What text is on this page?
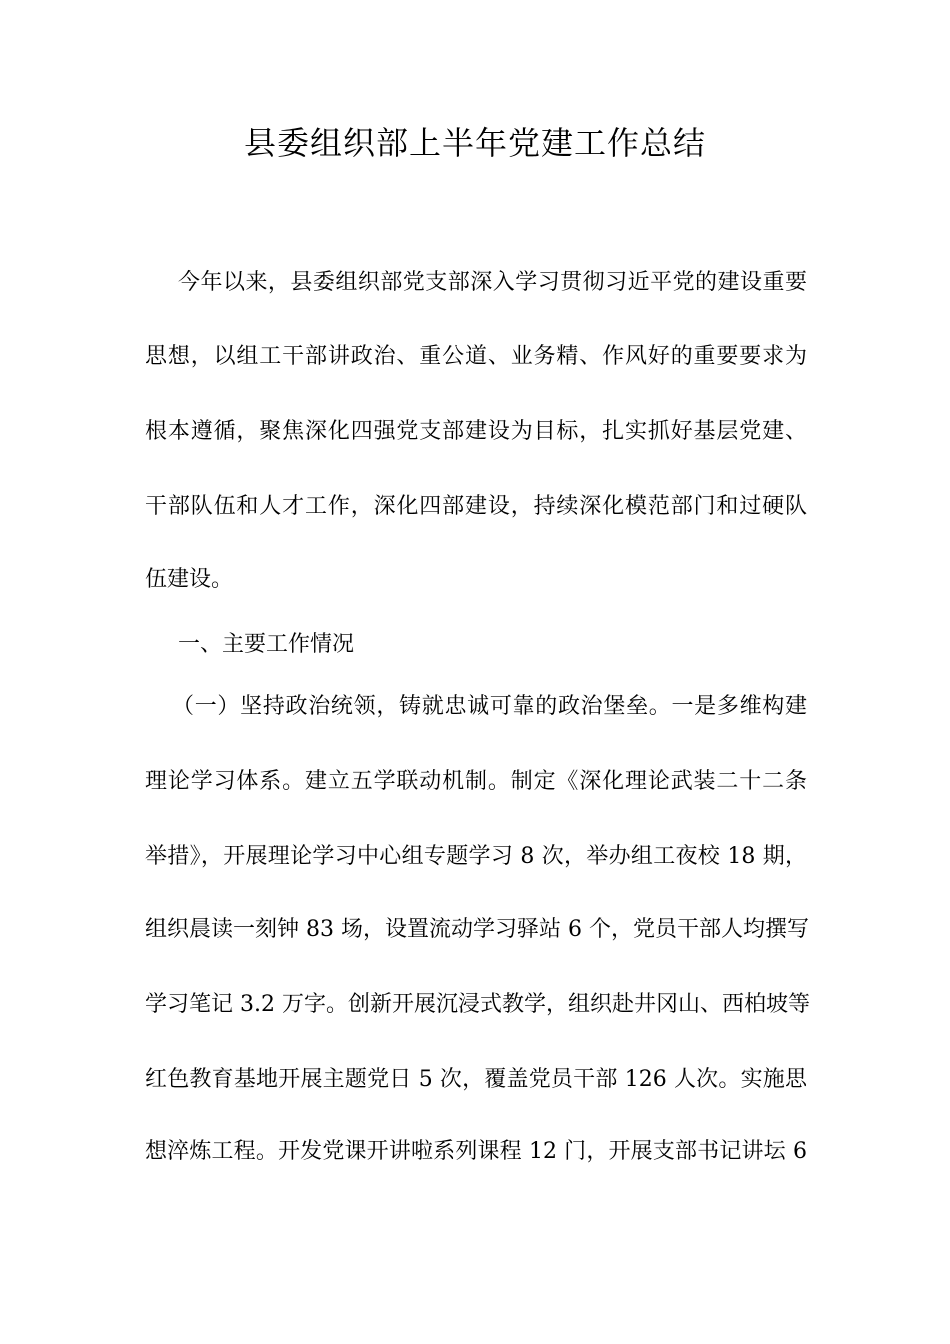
县委组织部上半年党建工作总结
今年以来，县委组织部党支部深入学习贯彻习近平党的建设重要
思想，以组工干部讲政治、重公道、业务精、作风好的重要要求为
根本遵循，聚焦深化四强党支部建设为目标，扎实抓好基层党建、
干部队伍和人才工作，深化四部建设，持续深化模范部门和过硬队
伍建设。
一、主要工作情况
（一）坚持政治统领，铸就忠诚可靠的政治堡垒。一是多维构建
理论学习体系。建立五学联动机制。制定《深化理论武装二十二条
举措》，开展理论学习中心组专题学习 8 次，举办组工夜校 18 期，
组织晨读一刻钟 83 场，设置流动学习驿站 6 个，党员干部人均撰写
学习笔记 3.2 万字。创新开展沉浸式教学，组织赴井冈山、西柏坡等
红色教育基地开展主题党日 5 次，覆盖党员干部 126 人次。实施思
想淬炼工程。开发党课开讲啦系列课程 12 门，开展支部书记讲坛 6
